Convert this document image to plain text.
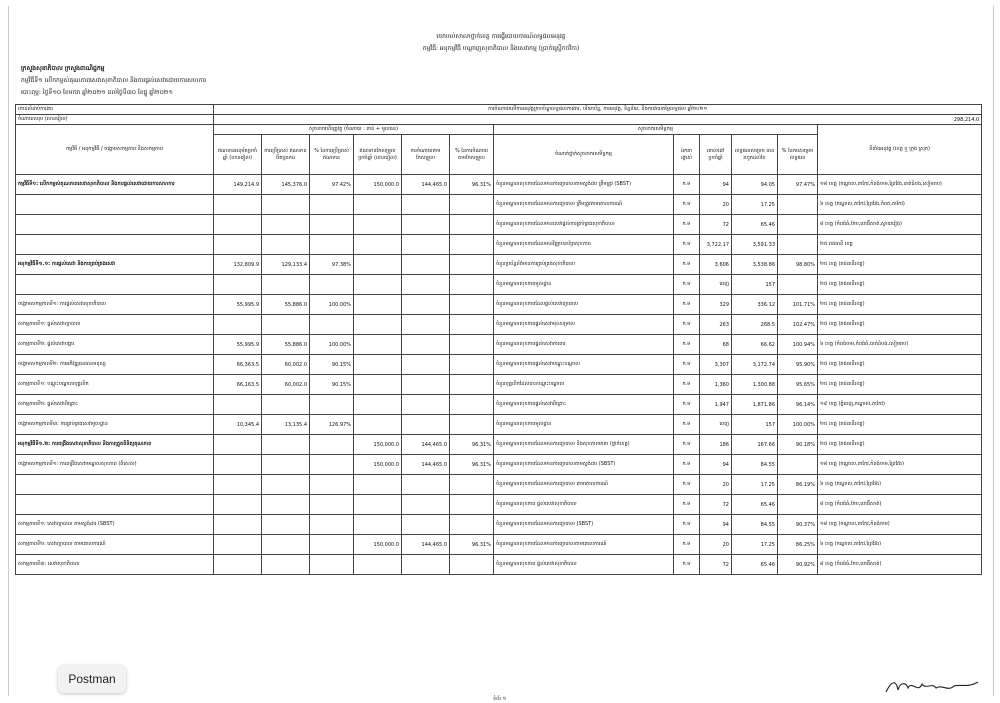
យោបល់សាលាថ្នាក់ខេត្ត ការធ្វើរបាយការណ៍លទ្ធផលអនុវត្ត
កម្មវិធី: អនុកម្មវិធី បណ្ដាញសុខាភិបាល និងសេវាកម្ម (ប្រាក់ស្ព្រើកថវិកា)
ក្រសួងសុខាភិបាល ក្រសួងពាណិជ្ជកម្ម
កម្មវិធីទី១ លើកកម្ពស់គុណភាពសេវាសុខាភិបាល និងការផ្ដល់សេវាដោយការសហការ
បោះពុម្ព: ថ្ងៃទី១០ ខែមករា ឆ្នាំ២០២១ ដល់ថ្ងៃទី៣០ ខែធ្នូ ឆ្នាំ២០២១
កោដលំដាប់ការងារ	ការចំណាយលើការអនុវត្តក្របខ័ណ្ឌលទ្ធផលការងារ, បរិយាប័ន្ន, ការអនុវត្ត, ទិន្នន័យ, និងការវាយតម្លៃលទ្ធផល ឆ្នាំ២០២១											
ចំណាយសរុប (លានរៀល)	298,214.0											
កម្មវិធី / អនុកម្មវិធី / ចង្កោមសកម្មភាព និងសកម្មភាព	សូចនាករហិរញ្ញវត្ថុ (ចំណាយ : ពាន់ + មូលធន)						សូចនាករសមិទ្ធកម្ម					ទីតាំងអនុវត្ត (ខេត្ត ឬ ក្រុង ស្រុក)
	ឥណទានអនុម័តប្រចាំឆ្នាំ (លានរៀល)	ការប្រើប្រាស់ ឥណទានពិតប្រាកដ	% នៃការប្រើប្រាស់ ឥណទាន	ឥណទានកែសម្រួល ប្រចាំឆ្នាំ (លានរៀល)	ការចំណាយតាម កែសម្រួល	% នៃការចំណាយ តាមកែសម្រួល	ចំណាត់ថ្នាក់សូចនាករសមិទ្ធកម្ម	ឯកតា រង្វាស់	គោលដៅ ប្រចាំឆ្នាំ	លទ្ធផលសម្រេច បានរហូតដល់ខែ	% នៃការសម្រេច លទ្ធផល	
កម្មវិធីទី១: លើកកម្ពស់គុណភាពសេវាសុខាភិបាល និងការផ្ដល់សេវាដោយការសហការ	149,214.9	145,376.0	97.42%	150,000.0	144,465.0	96.31%	ចំនួនមណ្ឌលសុខភាពដែលមានការព្យាបាលតាមស្ដង់ដារ ត្រឹមត្រូវ (SBST)	ក.ម	94	94.05	97.47%	១៨ ខេត្ត (កណ្ដាល,តាកែវ,កំពង់ចាម,ព្រៃវែង,បាត់ដំបង,សៀមរាប)
							ចំនួនមណ្ឌលសុខភាពដែលមានការព្យាបាល ត្រឹមត្រូវតាមគោលការណ៍	ក.ម	20	17.25		៦ ខេត្ត (កណ្ដាល,តាកែវ,ព្រៃវែង,កំពត,តាកែវ)
							ចំនួនមណ្ឌលសុខភាពដែលមានសេវាផ្ដល់ការគ្រប់គ្រងសុខាភិបាល	ក.ម	72	65.46		៨ ខេត្ត (កំពង់ធំ,កែប,ពោធិ៍សាត់,ស្វាយរៀង)
							ចំនួនមណ្ឌលសុខភាពដែលមានវិញ្ញាបនប័ត្រសុខភាព	ក.ម	3,722.17	3,591.33		២៥ រាជធានី ខេត្ត
អនុកម្មវិធីទី១.១: ការផ្ដល់សេវា និងការគ្រប់គ្រងសេវា	132,809.9	129,133.4	97.38%				ចំនួនប្រព័ន្ធព័ត៌មានការគ្រប់គ្រងសុខាភិបាល	ក.ម	3,606	3,538.86	98.80%	២៥ ខេត្ត (រាជធានីខេត្ត)
							ចំនួនមណ្ឌលសុខភាពមូលដ្ឋាន	ក.ម	ពេញ	157		២៥ ខេត្ត (រាជធានីខេត្ត)
ចង្កោមសកម្មភាពទី១: ការផ្ដល់សេវាសុខាភិបាល	55,995.9	55,886.0	100.00%				ចំនួនមណ្ឌលសុខភាពដែលផ្ដល់សេវាព្យាបាល	ក.ម	329	336.12	101.71%	២៥ ខេត្ត (រាជធានីខេត្ត)
សកម្មភាពទី១: ផ្ដល់សេវាព្យាបាល							ចំនួនមណ្ឌលសុខភាពផ្ដល់សេវាមុនសម្រាល	ក.ម	263	268.5	102.47%	២៥ ខេត្ត (រាជធានីខេត្ត)
សកម្មភាពទី២: ផ្ដល់សេវាបង្ការ	55,995.9	55,886.0	100.00%				ចំនួនមណ្ឌលសុខភាពផ្ដល់សេវាការពារ	ក.ម	68	66.62	100.94%	៦ ខេត្ត (កំពង់ចាម,កំពង់ធំ,បាត់ដំបង,សៀមរាប)
ចង្កោមសកម្មភាពទី២: ការអភិវឌ្ឍធនធានមនុស្ស	66,363.5	60,002.0	90.15%				ចំនួនមណ្ឌលសុខភាពផ្ដល់សេវាបណ្ដុះបណ្ដាល	ក.ម	3,307	3,172.74	95.90%	២៥ ខេត្ត (រាជធានីខេត្ត)
សកម្មភាពទី១: បណ្ដុះបណ្ដាលបុគ្គលិក	66,163.5	60,002.0	90.15%				ចំនួនបុគ្គលិកដែលបានបណ្ដុះបណ្ដាល	ក.ម	1,360	1,300.88	95.65%	២៥ ខេត្ត (រាជធានីខេត្ត)
សកម្មភាពទី២: ផ្ដល់សេវាពិគ្រោះ							ចំនួនមណ្ឌលសុខភាពផ្ដល់សេវាពិគ្រោះ	ក.ម	1,947	1,871.86	96.14%	១៩ ខេត្ត (ភ្នំពេញ,កណ្ដាល,តាកែវ)
ចង្កោមសកម្មភាពទី៣: ការគ្រប់គ្រងសេវាមូលដ្ឋាន	10,345.4	13,135.4	126.97%				ចំនួនមណ្ឌលសុខភាពមូលដ្ឋាន	ក.ម	ពេញ	157	100.00%	២៥ ខេត្ត (រាជធានីខេត្ត)
អនុកម្មវិធីទី១.២: ការពង្រឹងសេវាសុខាភិបាល និងការត្រួតពិនិត្យគុណភាព				150,000.0	144,465.0	96.31%	ចំនួនមណ្ឌលសុខភាពដែលមានការព្យាបាល និងសុខភាពមាតា (ថ្នាក់ខេត្ត)	ក.ម	186	167.66	90.18%	២៥ ខេត្ត (រាជធានីខេត្ត)
ចង្កោមសកម្មភាពទី១: ការពង្រឹងសេវាមណ្ឌលសុខភាព (ពិសេស)				150,000.0	144,465.0	96.31%	ចំនួនមណ្ឌលសុខភាពដែលមានការព្យាបាលតាមស្ដង់ដារ (SBST)	ក.ម	94	84.55		១៨ ខេត្ត (កណ្ដាល,តាកែវ,កំពង់ចាម,ព្រៃវែង)
							ចំនួនមណ្ឌលសុខភាពដែលមានការព្យាបាល តាមគោលការណ៍	ក.ម	20	17.25	86.19%	៦ ខេត្ត (កណ្ដាល,តាកែវ,ព្រៃវែង)
							ចំនួនមណ្ឌលសុខភាព ផ្ដល់សេវាសុខាភិបាល	ក.ម	72	65.46		៨ ខេត្ត (កំពង់ធំ,កែប,ពោធិ៍សាត់)
សកម្មភាពទី១: សេវាព្យាបាល តាមស្ដង់ដារ (SBST)							ចំនួនមណ្ឌលសុខភាពដែលមានការព្យាបាល (SBST)	ក.ម	94	84.55	90.37%	១៨ ខេត្ត (កណ្ដាល,តាកែវ,កំពង់ចាម)
សកម្មភាពទី២: សេវាព្យាបាល តាមគោលការណ៍				150,000.0	144,465.0	96.31%	ចំនួនមណ្ឌលសុខភាពដែលមានការព្យាបាលតាមគោលការណ៍	ក.ម	20	17.25	86.25%	៦ ខេត្ត (កណ្ដាល,តាកែវ,ព្រៃវែង)
សកម្មភាពទី៣: សេវាសុខាភិបាល							ចំនួនមណ្ឌលសុខភាព ផ្ដល់សេវាសុខាភិបាល	ក.ម	72	65.46	90.92%	៨ ខេត្ត (កំពង់ធំ,កែប,ពោធិ៍សាត់)
ទំព័រ ១
Postman
